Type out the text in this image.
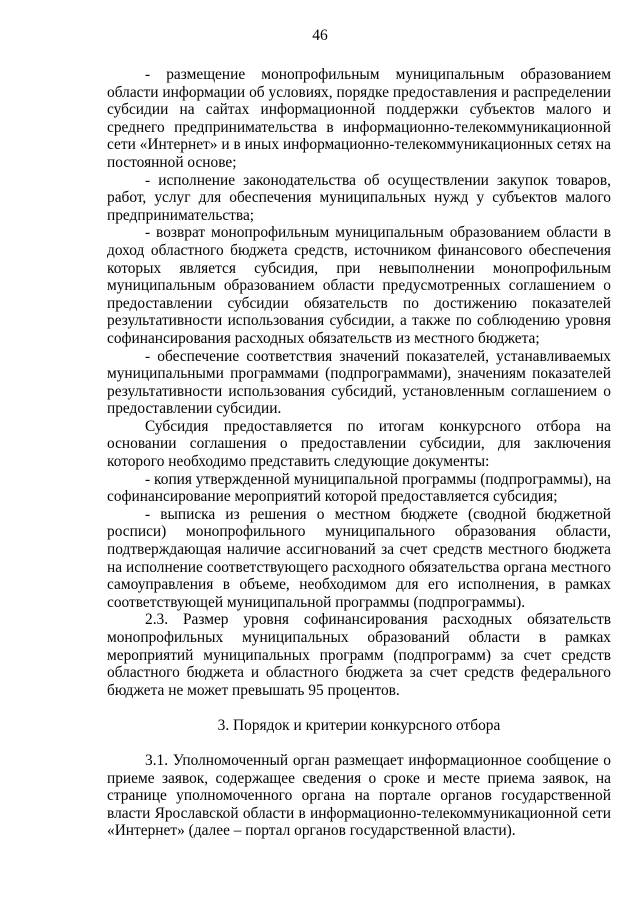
46

- размещение монопрофильным муниципальным образованием области информации об условиях, порядке предоставления и распределении субсидии на сайтах информационной поддержки субъектов малого и среднего предпринимательства в информационно-телекоммуникационной сети «Интернет» и в иных информационно-телекоммуникационных сетях на постоянной основе;

- исполнение законодательства об осуществлении закупок товаров, работ, услуг для обеспечения муниципальных нужд у субъектов малого предпринимательства;

- возврат монопрофильным муниципальным образованием области в доход областного бюджета средств, источником финансового обеспечения которых является субсидия, при невыполнении монопрофильным муниципальным образованием области предусмотренных соглашением о предоставлении субсидии обязательств по достижению показателей результативности использования субсидии, а также по соблюдению уровня софинансирования расходных обязательств из местного бюджета;

- обеспечение соответствия значений показателей, устанавливаемых муниципальными программами (подпрограммами), значениям показателей результативности использования субсидий, установленным соглашением о предоставлении субсидии.

Субсидия предоставляется по итогам конкурсного отбора на основании соглашения о предоставлении субсидии, для заключения которого необходимо представить следующие документы:

- копия утвержденной муниципальной программы (подпрограммы), на софинансирование мероприятий которой предоставляется субсидия;

- выписка из решения о местном бюджете (сводной бюджетной росписи) монопрофильного муниципального образования области, подтверждающая наличие ассигнований за счет средств местного бюджета на исполнение соответствующего расходного обязательства органа местного самоуправления в объеме, необходимом для его исполнения, в рамках соответствующей муниципальной программы (подпрограммы).

2.3. Размер уровня софинансирования расходных обязательств монопрофильных муниципальных образований области в рамках мероприятий муниципальных программ (подпрограмм) за счет средств областного бюджета и областного бюджета за счет средств федерального бюджета не может превышать 95 процентов.

3. Порядок и критерии конкурсного отбора

3.1. Уполномоченный орган размещает информационное сообщение о приеме заявок, содержащее сведения о сроке и месте приема заявок, на странице уполномоченного органа на портале органов государственной власти Ярославской области в информационно-телекоммуникационной сети «Интернет» (далее – портал органов государственной власти).
